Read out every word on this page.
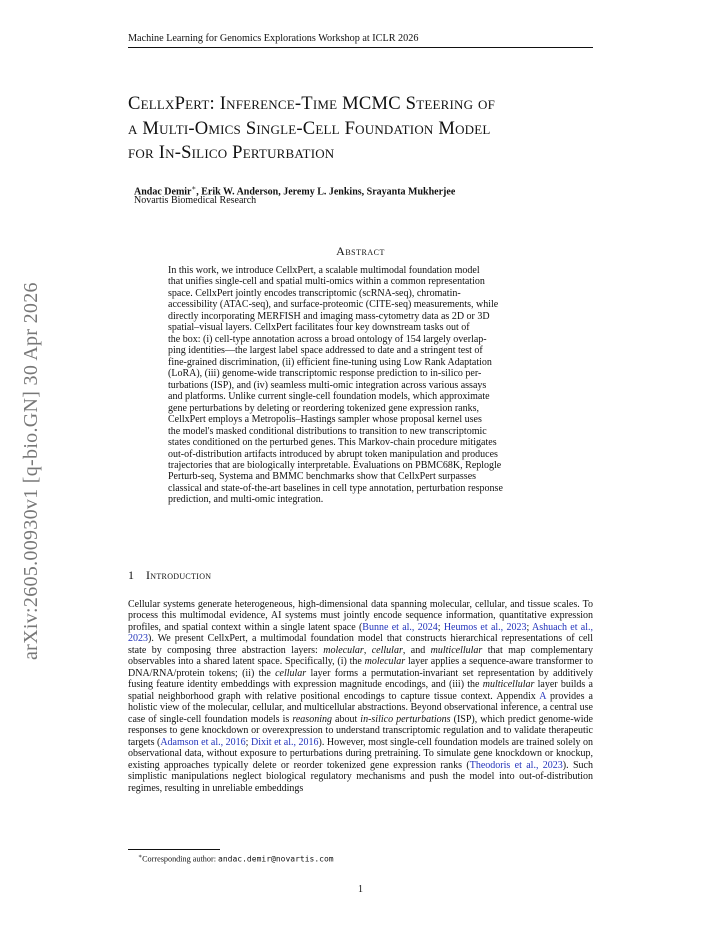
Machine Learning for Genomics Explorations Workshop at ICLR 2026
arXiv:2605.00930v1 [q-bio.GN] 30 Apr 2026
CellxPert: Inference-Time MCMC Steering of
a Multi-Omics Single-Cell Foundation Model
for In-Silico Perturbation
Andac Demir∗, Erik W. Anderson, Jeremy L. Jenkins, Srayanta Mukherjee
Novartis Biomedical Research
Abstract
In this work, we introduce CellxPert, a scalable multimodal foundation model
that unifies single-cell and spatial multi-omics within a common representation
space. CellxPert jointly encodes transcriptomic (scRNA-seq), chromatin-
accessibility (ATAC-seq), and surface-proteomic (CITE-seq) measurements, while
directly incorporating MERFISH and imaging mass-cytometry data as 2D or 3D
spatial–visual layers. CellxPert facilitates four key downstream tasks out of
the box: (i) cell-type annotation across a broad ontology of 154 largely overlap-
ping identities—the largest label space addressed to date and a stringent test of
fine-grained discrimination, (ii) efficient fine-tuning using Low Rank Adaptation
(LoRA), (iii) genome-wide transcriptomic response prediction to in-silico per-
turbations (ISP), and (iv) seamless multi-omic integration across various assays
and platforms. Unlike current single-cell foundation models, which approximate
gene perturbations by deleting or reordering tokenized gene expression ranks,
CellxPert employs a Metropolis–Hastings sampler whose proposal kernel uses
the model's masked conditional distributions to transition to new transcriptomic
states conditioned on the perturbed genes. This Markov-chain procedure mitigates
out-of-distribution artifacts introduced by abrupt token manipulation and produces
trajectories that are biologically interpretable. Evaluations on PBMC68K, Replogle
Perturb-seq, Systema and BMMC benchmarks show that CellxPert surpasses
classical and state-of-the-art baselines in cell type annotation, perturbation response
prediction, and multi-omic integration.
1 Introduction
Cellular systems generate heterogeneous, high-dimensional data spanning molecular, cellular, and tissue scales. To process this multimodal evidence, AI systems must jointly encode sequence information, quantitative expression profiles, and spatial context within a single latent space (Bunne et al., 2024; Heumos et al., 2023; Ashuach et al., 2023). We present CellxPert, a multimodal foundation model that constructs hierarchical representations of cell state by composing three abstraction layers: molecular, cellular, and multicellular that map complementary observables into a shared latent space. Specifically, (i) the molecular layer applies a sequence-aware transformer to DNA/RNA/protein tokens; (ii) the cellular layer forms a permutation-invariant set representation by additively fusing feature identity embeddings with expression magnitude encodings, and (iii) the multicellular layer builds a spatial neighborhood graph with relative positional encodings to capture tissue context. Appendix A provides a holistic view of the molecular, cellular, and multicellular abstractions. Beyond observational inference, a central use case of single-cell foundation models is reasoning about in-silico perturbations (ISP), which predict genome-wide responses to gene knockdown or overexpression to understand transcriptomic regulation and to validate therapeutic targets (Adamson et al., 2016; Dixit et al., 2016). However, most single-cell foundation models are trained solely on observational data, without exposure to perturbations during pretraining. To simulate gene knockdown or knockup, existing approaches typically delete or reorder tokenized gene expression ranks (Theodoris et al., 2023). Such simplistic manipulations neglect biological regulatory mechanisms and push the model into out-of-distribution regimes, resulting in unreliable embeddings
∗Corresponding author: andac.demir@novartis.com
1
